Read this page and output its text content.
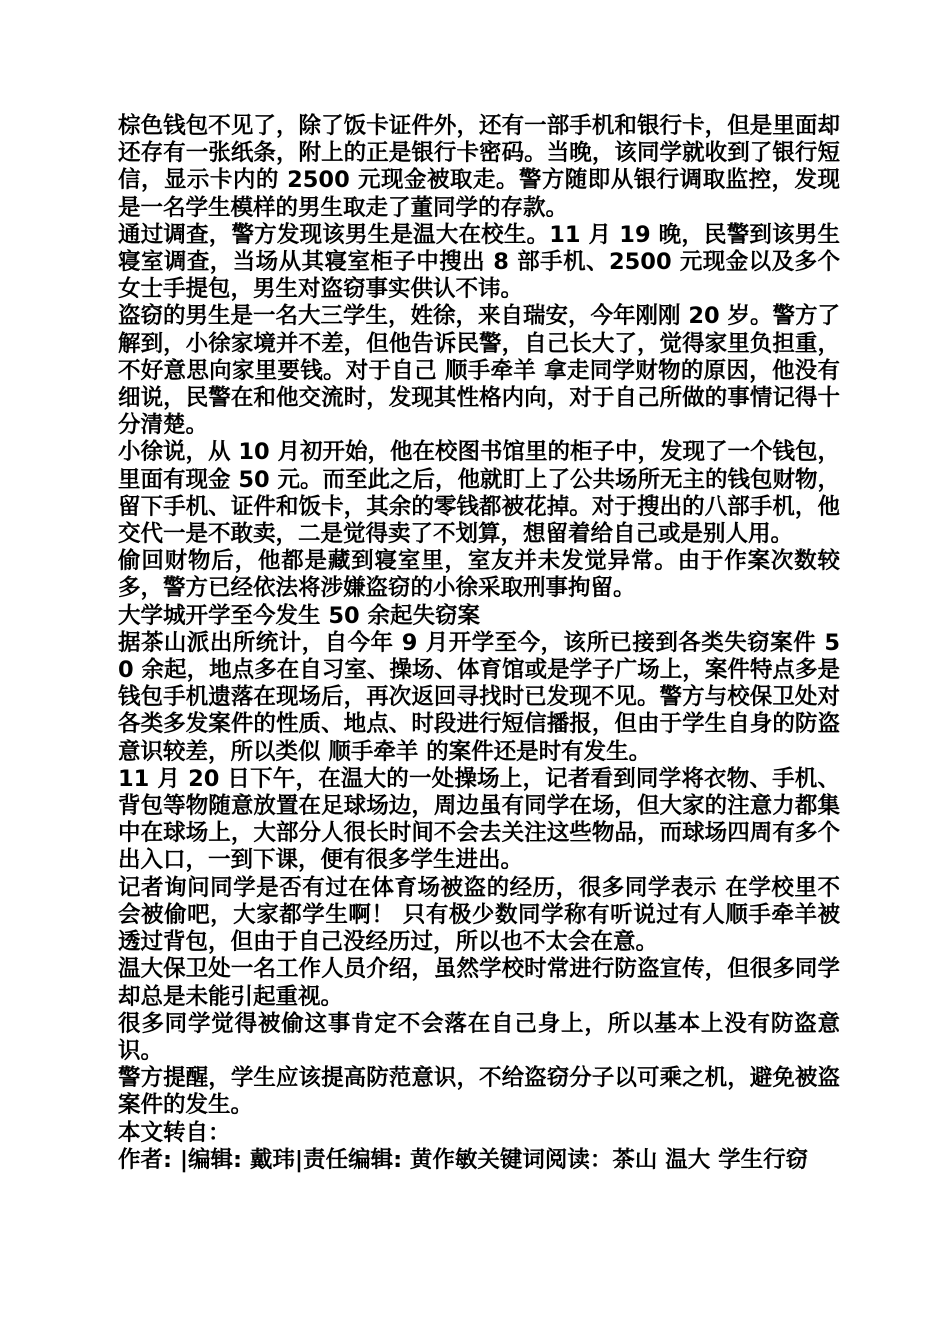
棕色钱包不见了，除了饭卡证件外，还有一部手机和银行卡，但是里面却还存有一张纸条，附上的正是银行卡密码。当晚，该同学就收到了银行短信，显示卡内的 2500 元现金被取走。警方随即从银行调取监控，发现是一名学生模样的男生取走了董同学的存款。

通过调查，警方发现该男生是温大在校生。11 月 19 晚，民警到该男生寝室调查，当场从其寝室柜子中搜出 8 部手机、2500 元现金以及多个女士手提包，男生对盗窃事实供认不讳。

盗窃的男生是一名大三学生，姓徐，来自瑞安，今年刚刚 20 岁。警方了解到，小徐家境并不差，但他告诉民警，自己长大了，觉得家里负担重，不好意思向家里要钱。对于自己 顺手牵羊 拿走同学财物的原因，他没有细说，民警在和他交流时，发现其性格内向，对于自己所做的事情记得十分清楚。

小徐说，从 10 月初开始，他在校图书馆里的柜子中，发现了一个钱包，里面有现金 50 元。而至此之后，他就盯上了公共场所无主的钱包财物，留下手机、证件和饭卡，其余的零钱都被花掉。对于搜出的八部手机，他交代一是不敢卖，二是觉得卖了不划算，想留着给自己或是别人用。

偷回财物后，他都是藏到寝室里，室友并未发觉异常。由于作案次数较多，警方已经依法将涉嫌盗窃的小徐采取刑事拘留。

大学城开学至今发生 50 余起失窃案

据茶山派出所统计，自今年 9 月开学至今，该所已接到各类失窃案件 50 余起，地点多在自习室、操场、体育馆或是学子广场上，案件特点多是钱包手机遗落在现场后，再次返回寻找时已发现不见。警方与校保卫处对各类多发案件的性质、地点、时段进行短信播报，但由于学生自身的防盗意识较差，所以类似 顺手牵羊 的案件还是时有发生。

11 月 20 日下午，在温大的一处操场上，记者看到同学将衣物、手机、背包等物随意放置在足球场边，周边虽有同学在场，但大家的注意力都集中在球场上，大部分人很长时间不会去关注这些物品，而球场四周有多个出入口，一到下课，便有很多学生进出。

记者询问同学是否有过在体育场被盗的经历，很多同学表示 在学校里不会被偷吧，大家都学生啊！ 只有极少数同学称有听说过有人顺手牵羊被透过背包，但由于自己没经历过，所以也不太会在意。

温大保卫处一名工作人员介绍，虽然学校时常进行防盗宣传，但很多同学却总是未能引起重视。

很多同学觉得被偷这事肯定不会落在自己身上，所以基本上没有防盗意识。

警方提醒，学生应该提高防范意识，不给盗窃分子以可乘之机，避免被盗案件的发生。

本文转自：

作者: |编辑: 戴玮|责任编辑: 黄作敏关键词阅读：茶山 温大 学生行窃
